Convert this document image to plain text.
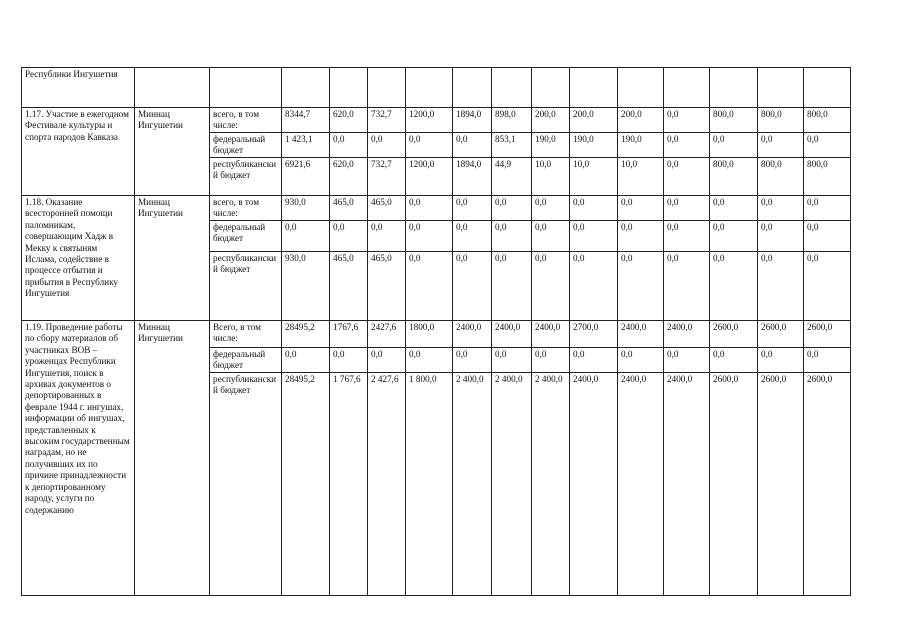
Республики Ингушетия															
1.17. Участие в ежегодном Фестивале культуры и спорта народов Кавказа	Миннац Ингушетии	всего, в том числе:	8344,7	620,0	732,7	1200,0	1894,0	898,0	200,0	200,0	200,0	0,0	800,0	800,0	800,0
		федеральный бюджет	1 423,1	0,0	0,0	0,0	0,0	853,1	190,0	190,0	190,0	0,0	0,0	0,0	0,0
		республиканский бюджет	6921,6	620,0	732,7	1200,0	1894,0	44,9	10,0	10,0	10,0	0,0	800,0	800,0	800,0
1.18. Оказание всесторонней помощи паломникам, совершающим Хадж в Мекку к святыням Ислама, содействие в процессе отбытия и прибытия в Республику Ингушетия	Миннац Ингушетии	всего, в том числе:	930,0	465,0	465,0	0,0	0,0	0,0	0,0	0,0	0,0	0,0	0,0	0,0	0,0
		федеральный бюджет	0,0	0,0	0,0	0,0	0,0	0,0	0,0	0,0	0,0	0,0	0,0	0,0	0,0
		республиканский бюджет	930,0	465,0	465,0	0,0	0,0	0,0	0,0	0,0	0,0	0,0	0,0	0,0	0,0
1.19. Проведение работы по сбору материалов об участниках ВОВ – уроженцах Республики Ингушетия, поиск в архивах документов о депортированных в феврале 1944 г. ингушах, информации об ингушах, представленных к высоким государственным наградам, но не получивших их по причине принадлежности к депортированному народу, услуги по содержанию	Миннац Ингушетии	Всего, в том числе:	28495,2	1767,6	2427,6	1800,0	2400,0	2400,0	2400,0	2700,0	2400,0	2400,0	2600,0	2600,0	2600,0
		федеральный бюджет	0,0	0,0	0,0	0,0	0,0	0,0	0,0	0,0	0,0	0,0	0,0	0,0	0,0
		республиканский бюджет	28495,2	1 767,6	2 427,6	1 800,0	2 400,0	2 400,0	2 400,0	2400,0	2400,0	2400,0	2600,0	2600,0	2600,0
